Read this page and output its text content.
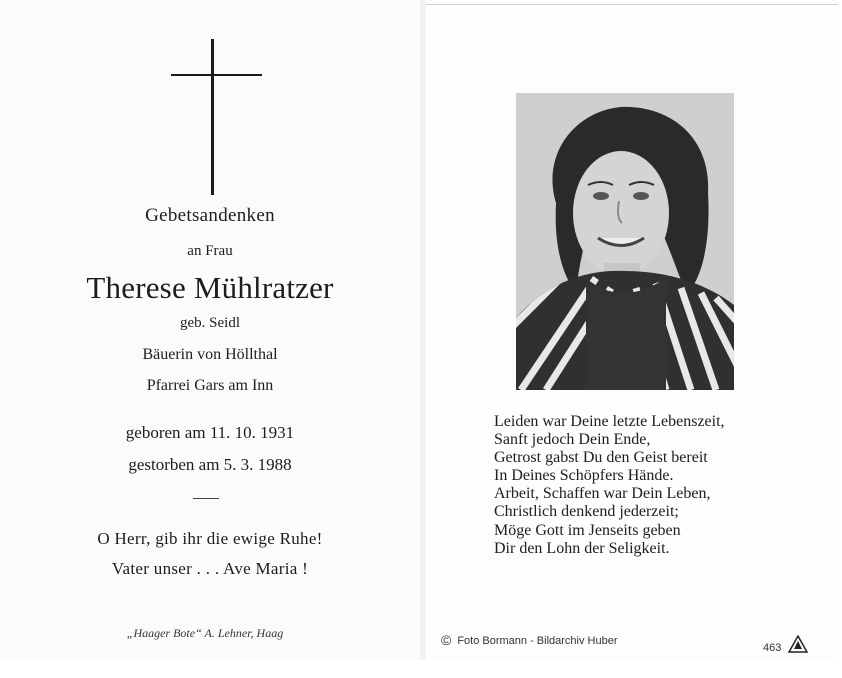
Gebetsandenken
an Frau
Therese Mühlratzer
geb. Seidl
Bäuerin von Höllthal
Pfarrei Gars am Inn
geboren am 11. 10. 1931
gestorben am 5. 3. 1988
O Herr, gib ihr die ewige Ruhe!
Vater unser . . . Ave Maria !
„Haager Bote“ A. Lehner, Haag
Leiden war Deine letzte Lebenszeit,
Sanft jedoch Dein Ende,
Getrost gabst Du den Geist bereit
In Deines Schöpfers Hände.
Arbeit, Schaffen war Dein Leben,
Christlich denkend jederzeit;
Möge Gott im Jenseits geben
Dir den Lohn der Seligkeit.
© Foto Bormann - Bildarchiv Huber
463
